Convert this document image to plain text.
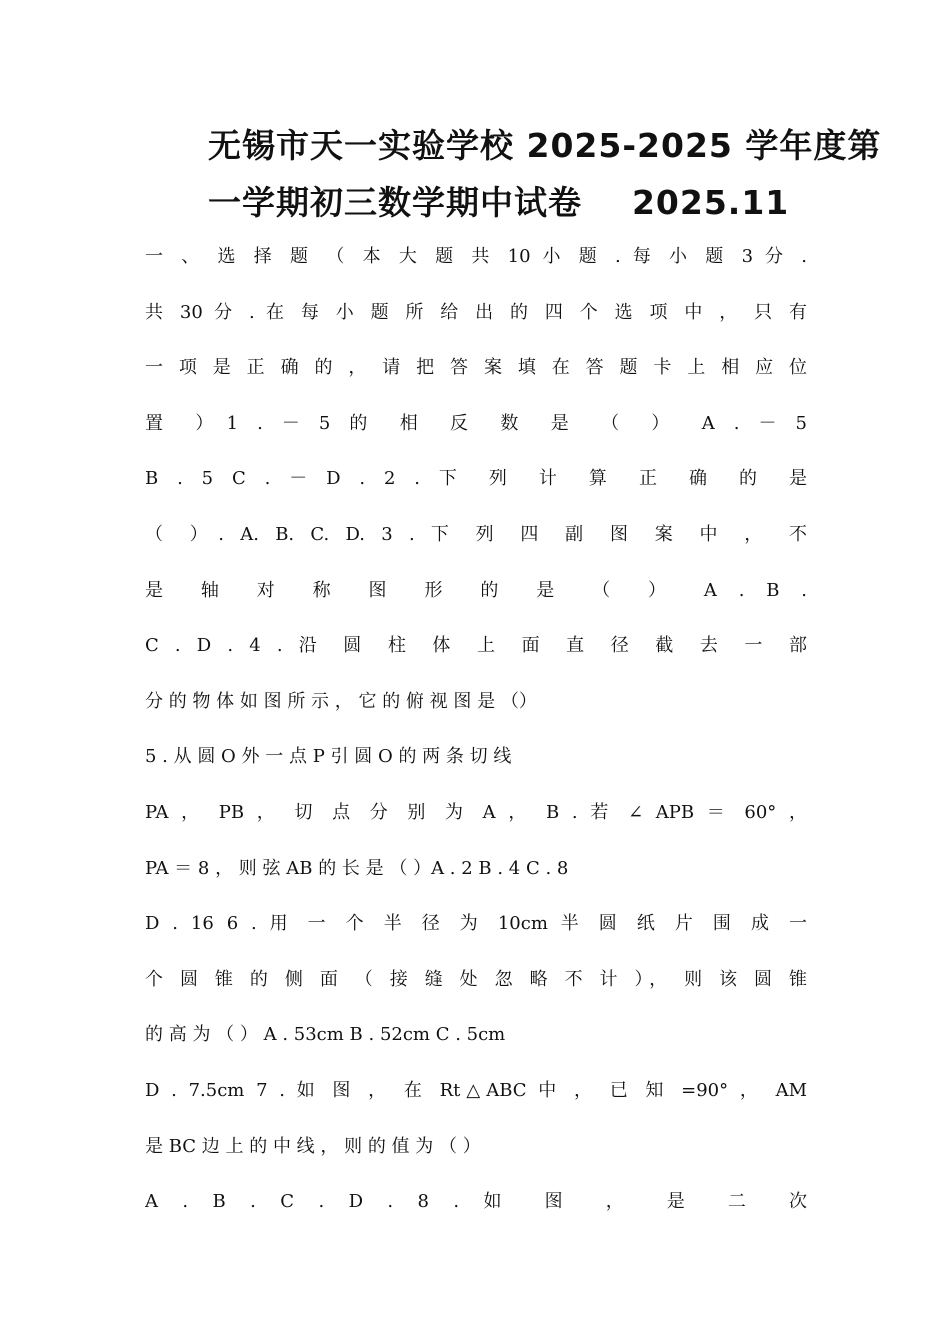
无锡市天一实验学校 2025-2025 学年度第
一学期初三数学期中试卷    2025.11
一 、 选 择 题 （ 本 大 题 共 10 小 题 . 每 小 题 3 分 .
共 30 分 . 在 每 小 题 所 给 出 的 四 个 选 项 中 ， 只 有
一 项 是 正 确 的 ， 请 把 答 案 填 在 答 题 卡 上 相 应 位
置 ）1 . － 5 的 相 反 数 是 （ ） A . － 5
B . 5 C . － D . 2 . 下 列 计 算 正 确 的 是
（ ）. A. B. C. D. 3 . 下 列 四 副 图 案 中 ， 不
是 轴 对 称 图 形 的 是 （ ） A . B .
C . D . 4 . 沿 圆 柱 体 上 面 直 径 截 去 一 部
分 的 物 体 如 图 所 示 ， 它 的 俯 视 图 是 （）
5 . 从 圆 O 外 一 点 P 引 圆 O 的 两 条 切 线
PA ， PB ， 切 点 分 别 为 A ， B . 若 ∠ APB ＝ 60° ，
PA ＝ 8 ， 则 弦 AB 的 长 是 （ ）A . 2 B . 4 C . 8
D . 16 6 . 用 一 个 半 径 为 10cm 半 圆 纸 片 围 成 一
个 圆 锥 的 侧 面 （ 接 缝 处 忽 略 不 计 ）， 则 该 圆 锥
的 高 为 （ ） A . 53cm B . 52cm C . 5cm
D . 7.5cm 7 . 如 图 ， 在 Rt△ABC 中 ， 已 知 =90° ， AM
是 BC 边 上 的 中 线 ， 则 的 值 为 （ ）
A . B . C . D . 8 . 如 图 ， 是 二 次
